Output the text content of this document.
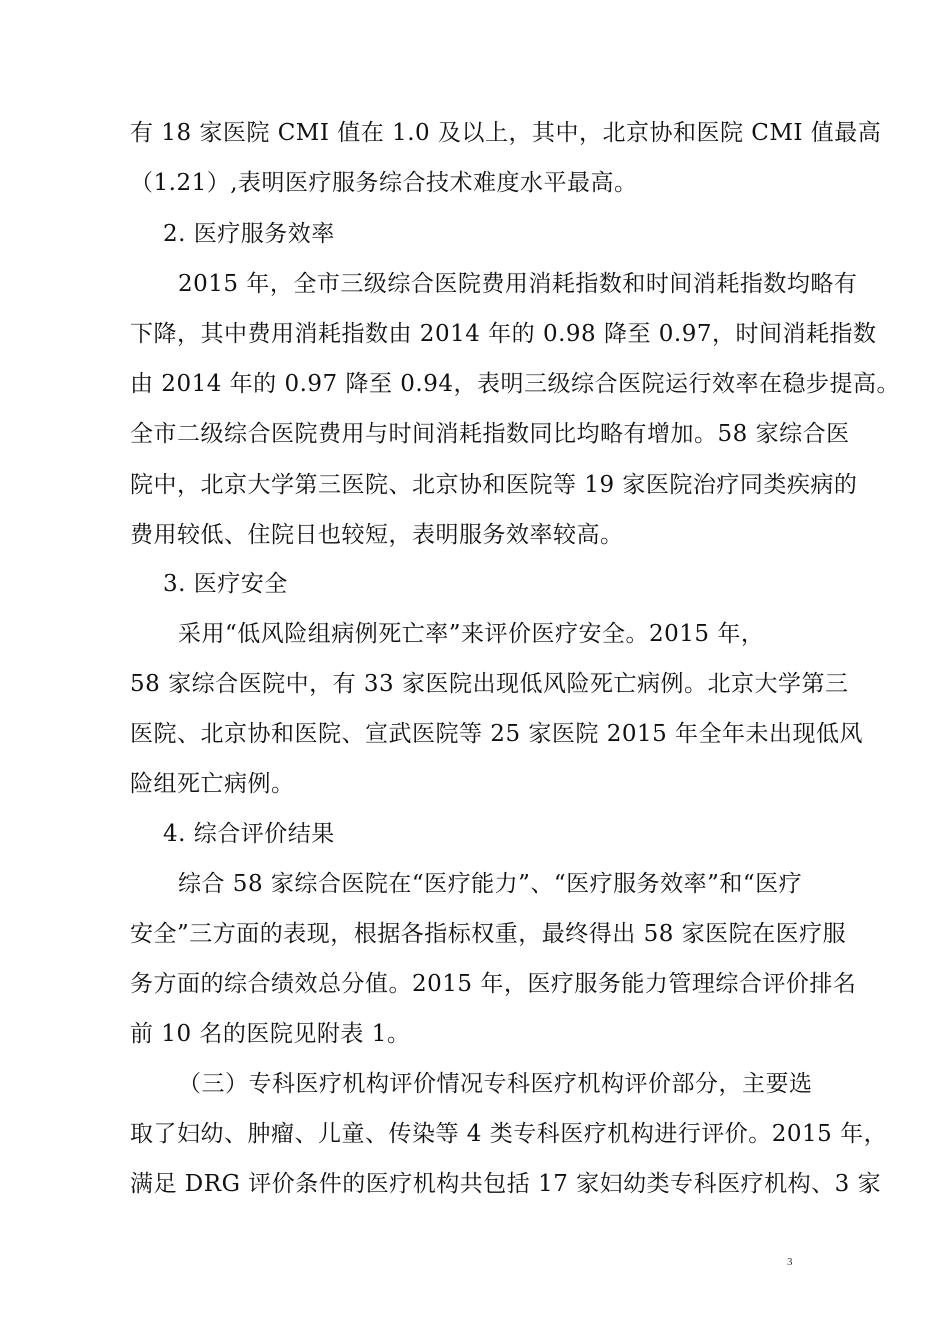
有 18 家医院 CMI 值在 1.0 及以上，其中，北京协和医院 CMI 值最高
（1.21）,表明医疗服务综合技术难度水平最高。
2. 医疗服务效率
2015 年，全市三级综合医院费用消耗指数和时间消耗指数均略有
下降，其中费用消耗指数由 2014 年的 0.98 降至 0.97，时间消耗指数
由 2014 年的 0.97 降至 0.94，表明三级综合医院运行效率在稳步提高。
全市二级综合医院费用与时间消耗指数同比均略有增加。58 家综合医
院中，北京大学第三医院、北京协和医院等 19 家医院治疗同类疾病的
费用较低、住院日也较短，表明服务效率较高。
3. 医疗安全
采用“低风险组病例死亡率”来评价医疗安全。2015 年，
58 家综合医院中，有 33 家医院出现低风险死亡病例。北京大学第三
医院、北京协和医院、宣武医院等 25 家医院 2015 年全年未出现低风
险组死亡病例。
4. 综合评价结果
综合 58 家综合医院在“医疗能力”、“医疗服务效率”和“医疗
安全”三方面的表现，根据各指标权重，最终得出 58 家医院在医疗服
务方面的综合绩效总分值。2015 年，医疗服务能力管理综合评价排名
前 10 名的医院见附表 1。
（三）专科医疗机构评价情况专科医疗机构评价部分，主要选
取了妇幼、肿瘤、儿童、传染等 4 类专科医疗机构进行评价。2015 年，
满足 DRG 评价条件的医疗机构共包括 17 家妇幼类专科医疗机构、3 家
3
